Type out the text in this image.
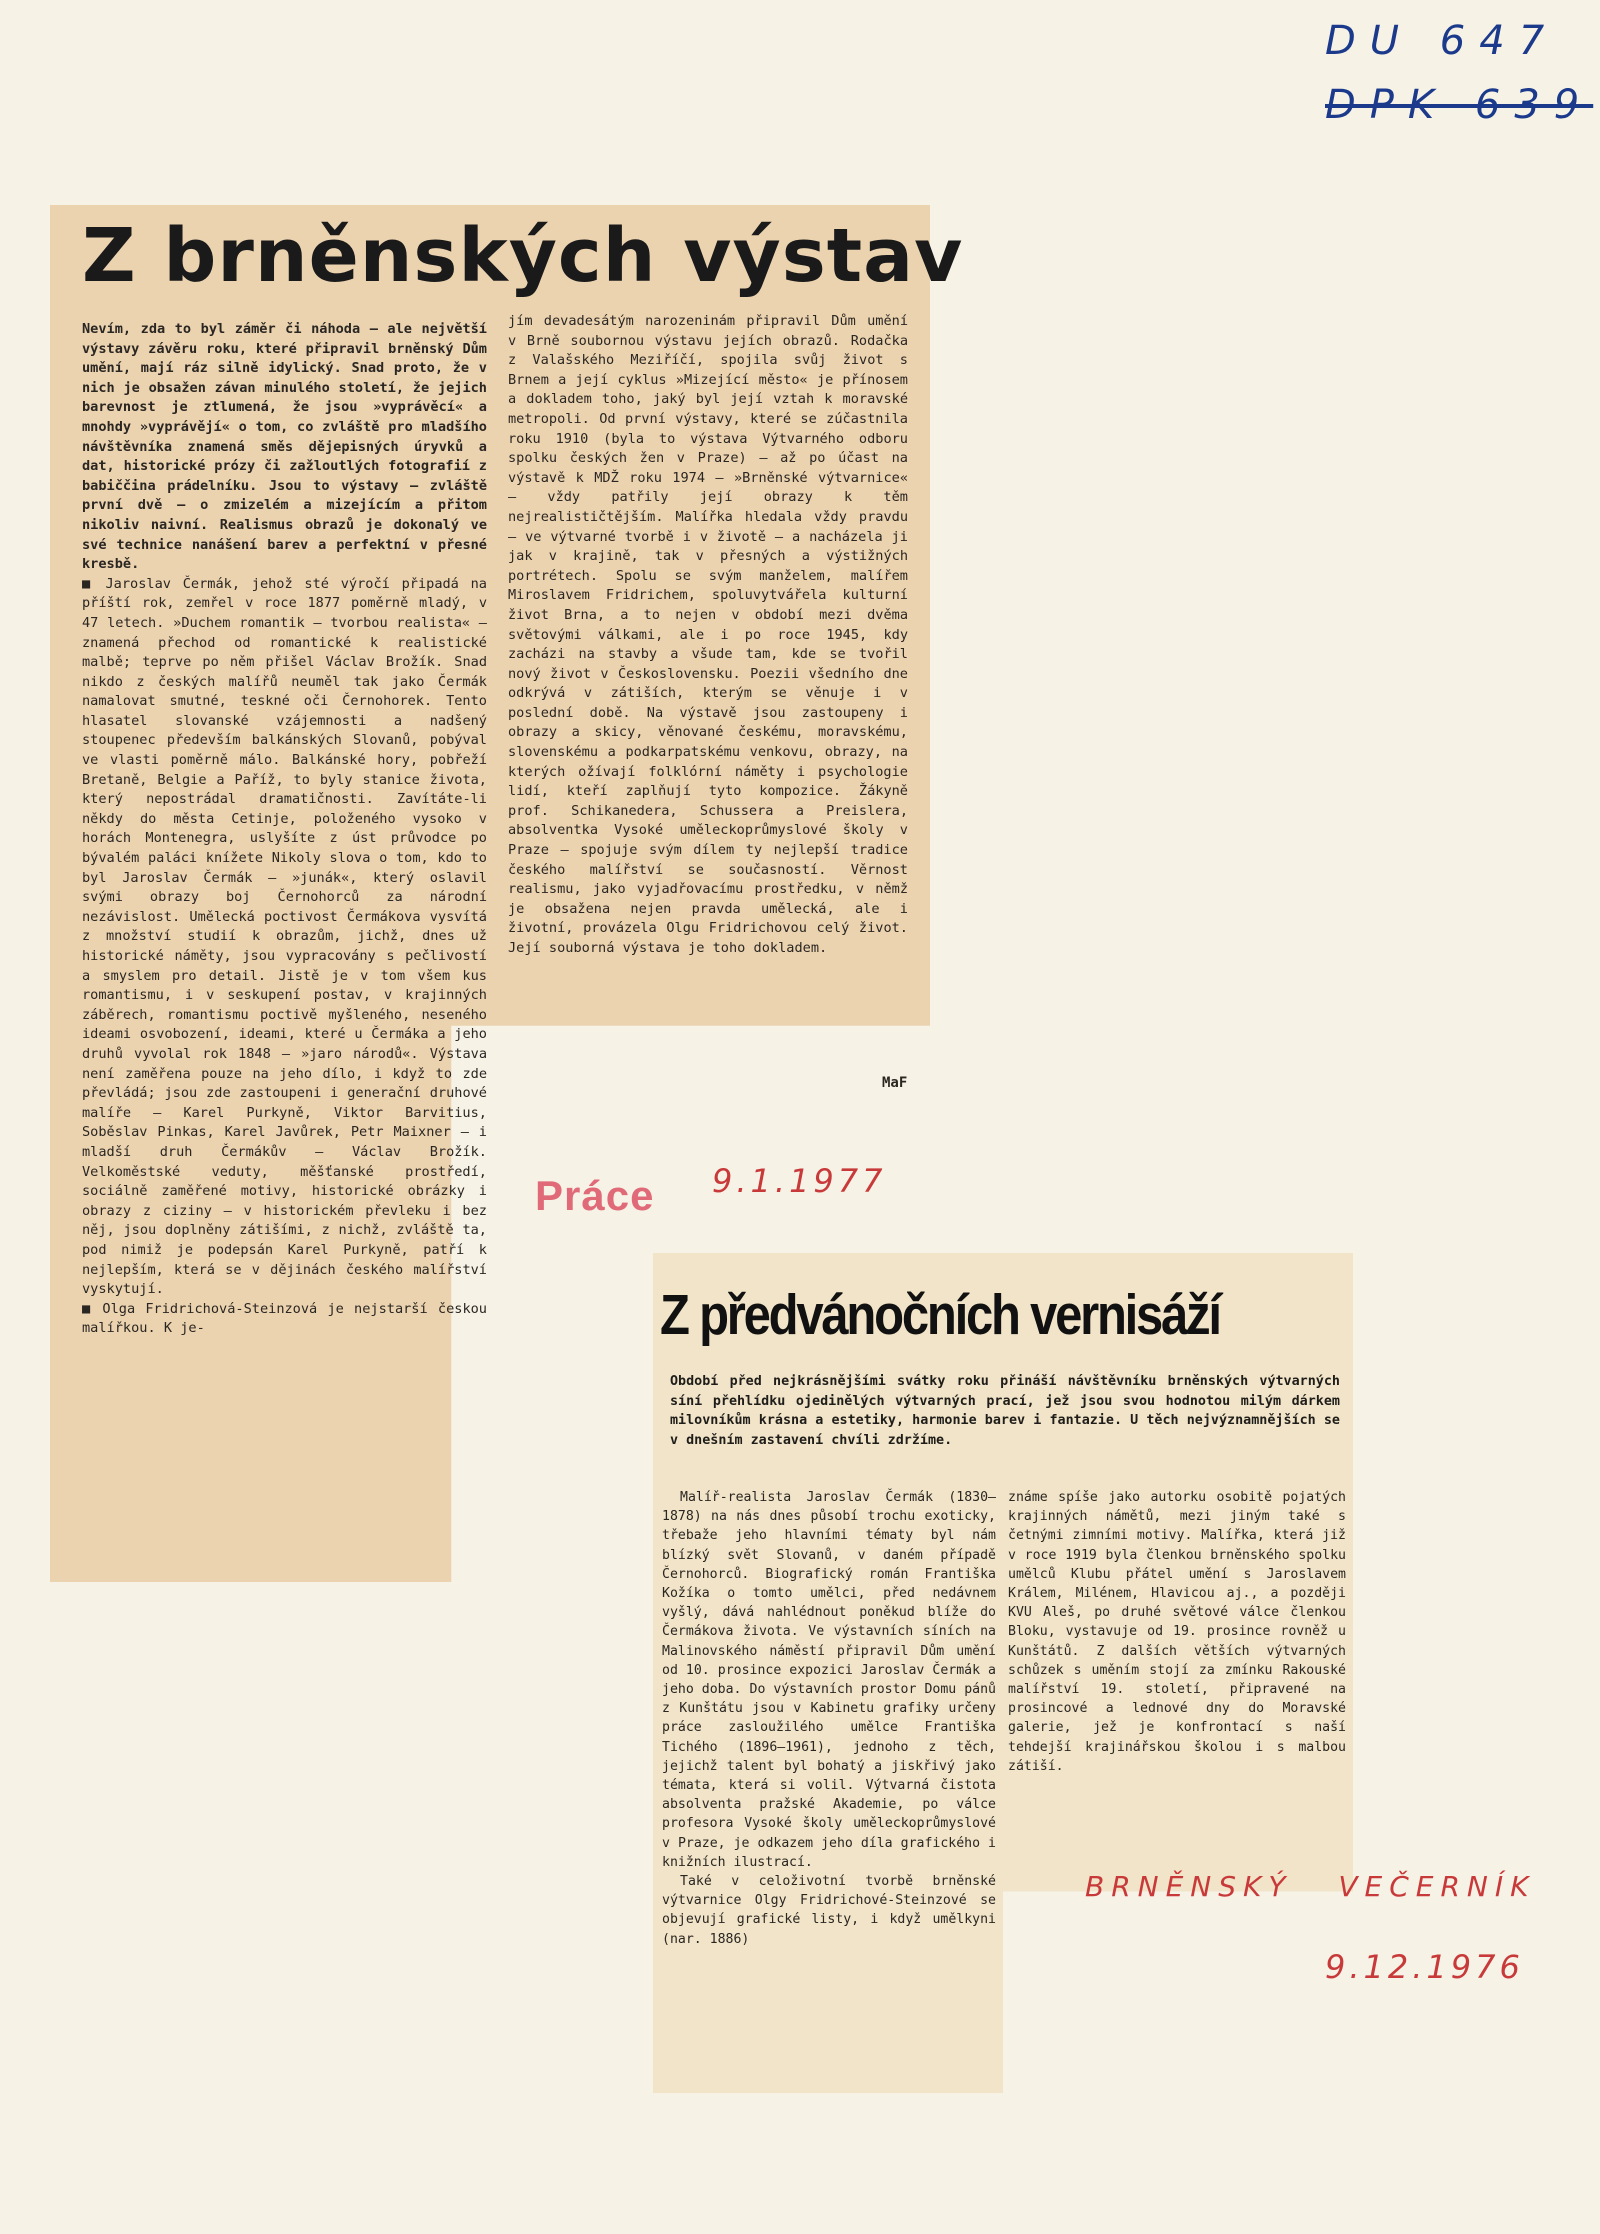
DU 647
DPK 639
Z brněnských výstav

Nevím, zda to byl záměr či náhoda — ale největší výstavy závěru roku, které připravil brněnský Dům umění, mají ráz silně idylický. Snad proto, že v nich je obsažen závan minulého století, že jejich barevnost je ztlumená, že jsou »vyprávěcí« a mnohdy »vyprávějí« o tom, co zvláště pro mladšího návštěvníka znamená směs dějepisných úryvků a dat, historické prózy či zažloutlých fotografií z babiččina prádelníku. Jsou to výstavy — zvláště první dvě — o zmizelém a mizejícím a přitom nikoliv naivní. Realismus obrazů je dokonalý ve své technice nanášení barev a perfektní v přesné kresbě.

■ Jaroslav Čermák, jehož sté výročí připadá na příští rok, zemřel v roce 1877 poměrně mladý, v 47 letech. »Duchem romantik — tvorbou realista« — znamená přechod od romantické k realistické malbě; teprve po něm přišel Václav Brožík. Snad nikdo z českých malířů neuměl tak jako Čermák namalovat smutné, teskné oči Černohorek. Tento hlasatel slovanské vzájemnosti a nadšený stoupenec především balkánských Slovanů, pobýval ve vlasti poměrně málo. Balkánské hory, pobřeží Bretaně, Belgie a Paříž, to byly stanice života, který nepostrádal dramatičnosti. Zavítáte-li někdy do města Cetinje, položeného vysoko v horách Montenegra, uslyšíte z úst průvodce po bývalém paláci knížete Nikoly slova o tom, kdo to byl Jaroslav Čermák — »junák«, který oslavil svými obrazy boj Černohorců za národní nezávislost. Umělecká poctivost Čermákova vysvítá z množství studií k obrazům, jichž, dnes už historické náměty, jsou vypracovány s pečlivostí a smyslem pro detail. Jistě je v tom všem kus romantismu, i v seskupení postav, v krajinných záběrech, romantismu poctivě myšleného, neseného ideami osvobození, ideami, které u Čermáka a jeho druhů vyvolal rok 1848 — »jaro národů«. Výstava není zaměřena pouze na jeho dílo, i když to zde převládá; jsou zde zastoupeni i generační druhové malíře — Karel Purkyně, Viktor Barvitius, Soběslav Pinkas, Karel Javůrek, Petr Maixner — i mladší druh Čermákův — Václav Brožík. Velkoměstské veduty, měšťanské prostředí, sociálně zaměřené motivy, historické obrázky i obrazy z ciziny — v historickém převleku i bez něj, jsou doplněny zátišími, z nichž, zvláště ta, pod nimiž je podepsán Karel Purkyně, patří k nejlepším, která se v dějinách českého malířství vyskytují.

■ Olga Fridrichová-Steinzová je nejstarší českou malířkou. K je-

jím devadesátým narozeninám připravil Dům umění v Brně soubornou výstavu jejích obrazů. Rodačka z Valašského Meziříčí, spojila svůj život s Brnem a její cyklus »Mizející město« je přínosem a dokladem toho, jaký byl její vztah k moravské metropoli. Od první výstavy, které se zúčastnila roku 1910 (byla to výstava Výtvarného odboru spolku českých žen v Praze) — až po účast na výstavě k MDŽ roku 1974 — »Brněnské výtvarnice« — vždy patřily její obrazy k těm nejrealističtějším. Malířka hledala vždy pravdu — ve výtvarné tvorbě i v životě — a nacházela ji jak v krajině, tak v přesných a výstižných portrétech. Spolu se svým manželem, malířem Miroslavem Fridrichem, spoluvytvářela kulturní život Brna, a to nejen v období mezi dvěma světovými válkami, ale i po roce 1945, kdy zacházi na stavby a všude tam, kde se tvořil nový život v Československu. Poezii všedního dne odkrývá v zátiších, kterým se věnuje i v poslední době. Na výstavě jsou zastoupeny i obrazy a skicy, věnované českému, moravskému, slovenskému a podkarpatskému venkovu, obrazy, na kterých ožívají folklórní náměty i psychologie lidí, kteří zaplňují tyto kompozice. Žákyně prof. Schikanedera, Schussera a Preislera, absolventka Vysoké uměleckoprůmyslové školy v Praze — spojuje svým dílem ty nejlepší tradice českého malířství se současností. Věrnost realismu, jako vyjadřovacímu prostředku, v němž je obsažena nejen pravda umělecká, ale i životní, provázela Olgu Fridrichovou celý život. Její souborná výstava je toho dokladem.

MaF
Práce 9.1.1977
Z předvánočních vernisáží
Období před nejkrásnějšími svátky roku přináší návštěvníku brněnských výtvarných síní přehlídku ojedinělých výtvarných prací, jež jsou svou hodnotou milým dárkem milovníkům krásna a estetiky, harmonie barev i fantazie. U těch nejvýznamnějších se v dnešním zastavení chvíli zdržíme.

Malíř-realista Jaroslav Čermák (1830—1878) na nás dnes působí trochu exoticky, třebaže jeho hlavními tématy byl nám blízký svět Slovanů, v daném případě Černohorců. Biografický román Františka Kožíka o tomto umělci, před nedávnem vyšlý, dává nahlédnout poněkud blíže do Čermákova života. Ve výstavních síních na Malinovského náměstí připravil Dům umění od 10. prosince expozici Jaroslav Čermák a jeho doba. Do výstavních prostor Domu pánů z Kunštátu jsou v Kabinetu grafiky určeny práce zasloužilého umělce Františka Tichého (1896—1961), jednoho z těch, jejichž talent byl bohatý a jiskřivý jako témata, která si volil. Výtvarná čistota absolventa pražské Akademie, po válce profesora Vysoké školy uměleckoprůmyslové v Praze, je odkazem jeho díla grafického i knižních ilustrací.

Také v celoživotní tvorbě brněnské výtvarnice Olgy Fridrichové-Steinzové se objevují grafické listy, i když umělkyni (nar. 1886)

známe spíše jako autorku osobitě pojatých krajinných námětů, mezi jiným také s četnými zimními motivy. Malířka, která již v roce 1919 byla členkou brněnského spolku umělců Klubu přátel umění s Jaroslavem Králem, Milénem, Hlavicou aj., a později KVU Aleš, po druhé světové válce členkou Bloku, vystavuje od 19. prosince rovněž u Kunštátů. Z dalších větších výtvarných schůzek s uměním stojí za zmínku Rakouské malířství 19. století, připravené na prosincové a lednové dny do Moravské galerie, jež je konfrontací s naší tehdejší krajinářskou školou i s malbou zátiší.

BRNĚNSKÝ VEČERNÍK
9.12.1976
